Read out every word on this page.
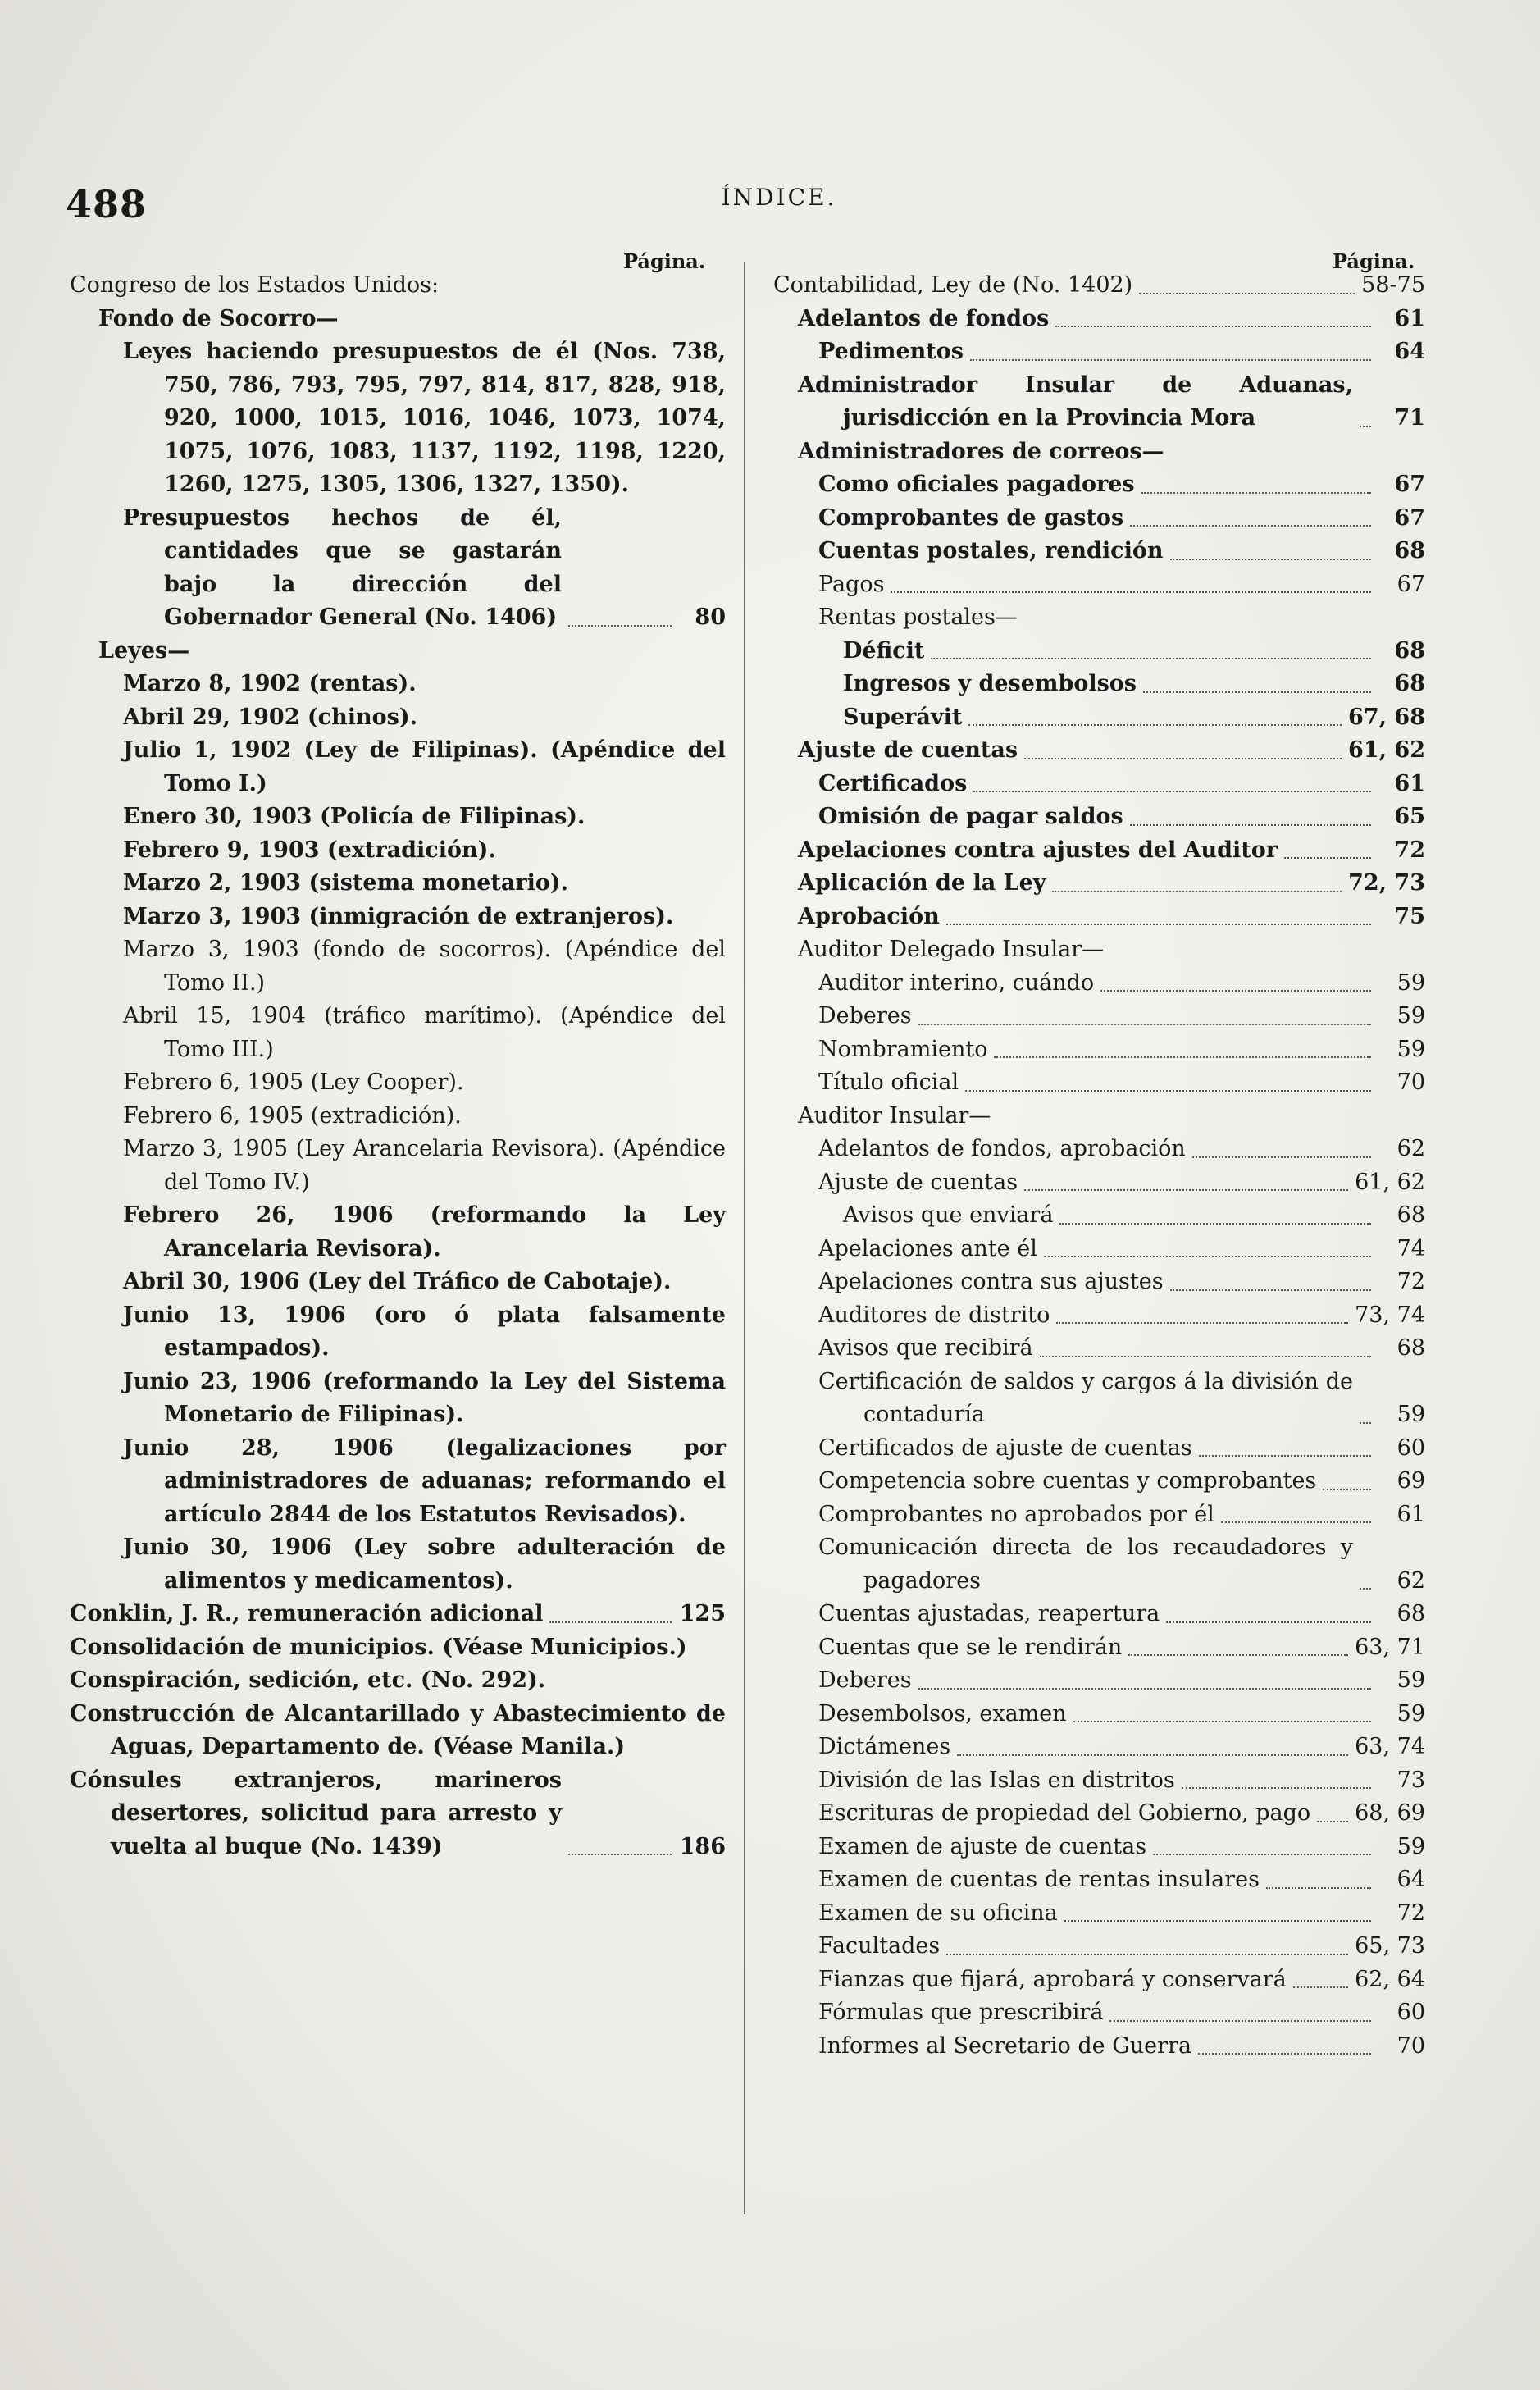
488	ÍNDICE.
Página.	Página.
Congreso de los Estados Unidos:
Fondo de Socorro—
Leyes haciendo presupuestos de él (Nos. 738, 750, 786, 793, 795, 797, 814, 817, 828, 918, 920, 1000, 1015, 1016, 1046, 1073, 1074, 1075, 1076, 1083, 1137, 1192, 1198, 1220, 1260, 1275, 1305, 1306, 1327, 1350).
Presupuestos hechos de él, cantidades que se gastarán bajo la dirección del Gobernador General (No. 1406)	80
Leyes—
Marzo 8, 1902 (rentas).
Abril 29, 1902 (chinos).
Julio 1, 1902 (Ley de Filipinas). (Apéndice del Tomo I.)
Enero 30, 1903 (Policía de Filipinas).
Febrero 9, 1903 (extradición).
Marzo 2, 1903 (sistema monetario).
Marzo 3, 1903 (inmigración de extranjeros).
Marzo 3, 1903 (fondo de socorros). (Apéndice del Tomo II.)
Abril 15, 1904 (tráfico marítimo). (Apéndice del Tomo III.)
Febrero 6, 1905 (Ley Cooper).
Febrero 6, 1905 (extradición).
Marzo 3, 1905 (Ley Arancelaria Revisora). (Apéndice del Tomo IV.)
Febrero 26, 1906 (reformando la Ley Arancelaria Revisora).
Abril 30, 1906 (Ley del Tráfico de Cabotaje).
Junio 13, 1906 (oro ó plata falsamente estampados).
Junio 23, 1906 (reformando la Ley del Sistema Monetario de Filipinas).
Junio 28, 1906 (legalizaciones por administradores de aduanas; reformando el artículo 2844 de los Estatutos Revisados).
Junio 30, 1906 (Ley sobre adulteración de alimentos y medicamentos).
Conklin, J. R., remuneración adicional	125
Consolidación de municipios. (Véase Municipios.)
Conspiración, sedición, etc. (No. 292).
Construcción de Alcantarillado y Abastecimiento de Aguas, Departamento de. (Véase Manila.)
Cónsules extranjeros, marineros desertores, solicitud para arresto y vuelta al buque (No. 1439)	186
Contabilidad, Ley de (No. 1402)	58-75
Adelantos de fondos	61
Pedimentos	64
Administrador Insular de Aduanas, jurisdicción en la Provincia Mora	71
Administradores de correos—
Como oficiales pagadores	67
Comprobantes de gastos	67
Cuentas postales, rendición	68
Pagos	67
Rentas postales—
Déficit	68
Ingresos y desembolsos	68
Superávit	67, 68
Ajuste de cuentas	61, 62
Certificados	61
Omisión de pagar saldos	65
Apelaciones contra ajustes del Auditor	72
Aplicación de la Ley	72, 73
Aprobación	75
Auditor Delegado Insular—
Auditor interino, cuándo	59
Deberes	59
Nombramiento	59
Título oficial	70
Auditor Insular—
Adelantos de fondos, aprobación	62
Ajuste de cuentas	61, 62
Avisos que enviará	68
Apelaciones ante él	74
Apelaciones contra sus ajustes	72
Auditores de distrito	73, 74
Avisos que recibirá	68
Certificación de saldos y cargos á la división de contaduría	59
Certificados de ajuste de cuentas	60
Competencia sobre cuentas y comprobantes	69
Comprobantes no aprobados por él	61
Comunicación directa de los recaudadores y pagadores	62
Cuentas ajustadas, reapertura	68
Cuentas que se le rendirán	63, 71
Deberes	59
Desembolsos, examen	59
Dictámenes	63, 74
División de las Islas en distritos	73
Escrituras de propiedad del Gobierno, pago 68, 69
Examen de ajuste de cuentas	59
Examen de cuentas de rentas insulares	64
Examen de su oficina	72
Facultades	65, 73
Fianzas que fijará, aprobará y conservará	62, 64
Fórmulas que prescribirá	60
Informes al Secretario de Guerra	70
